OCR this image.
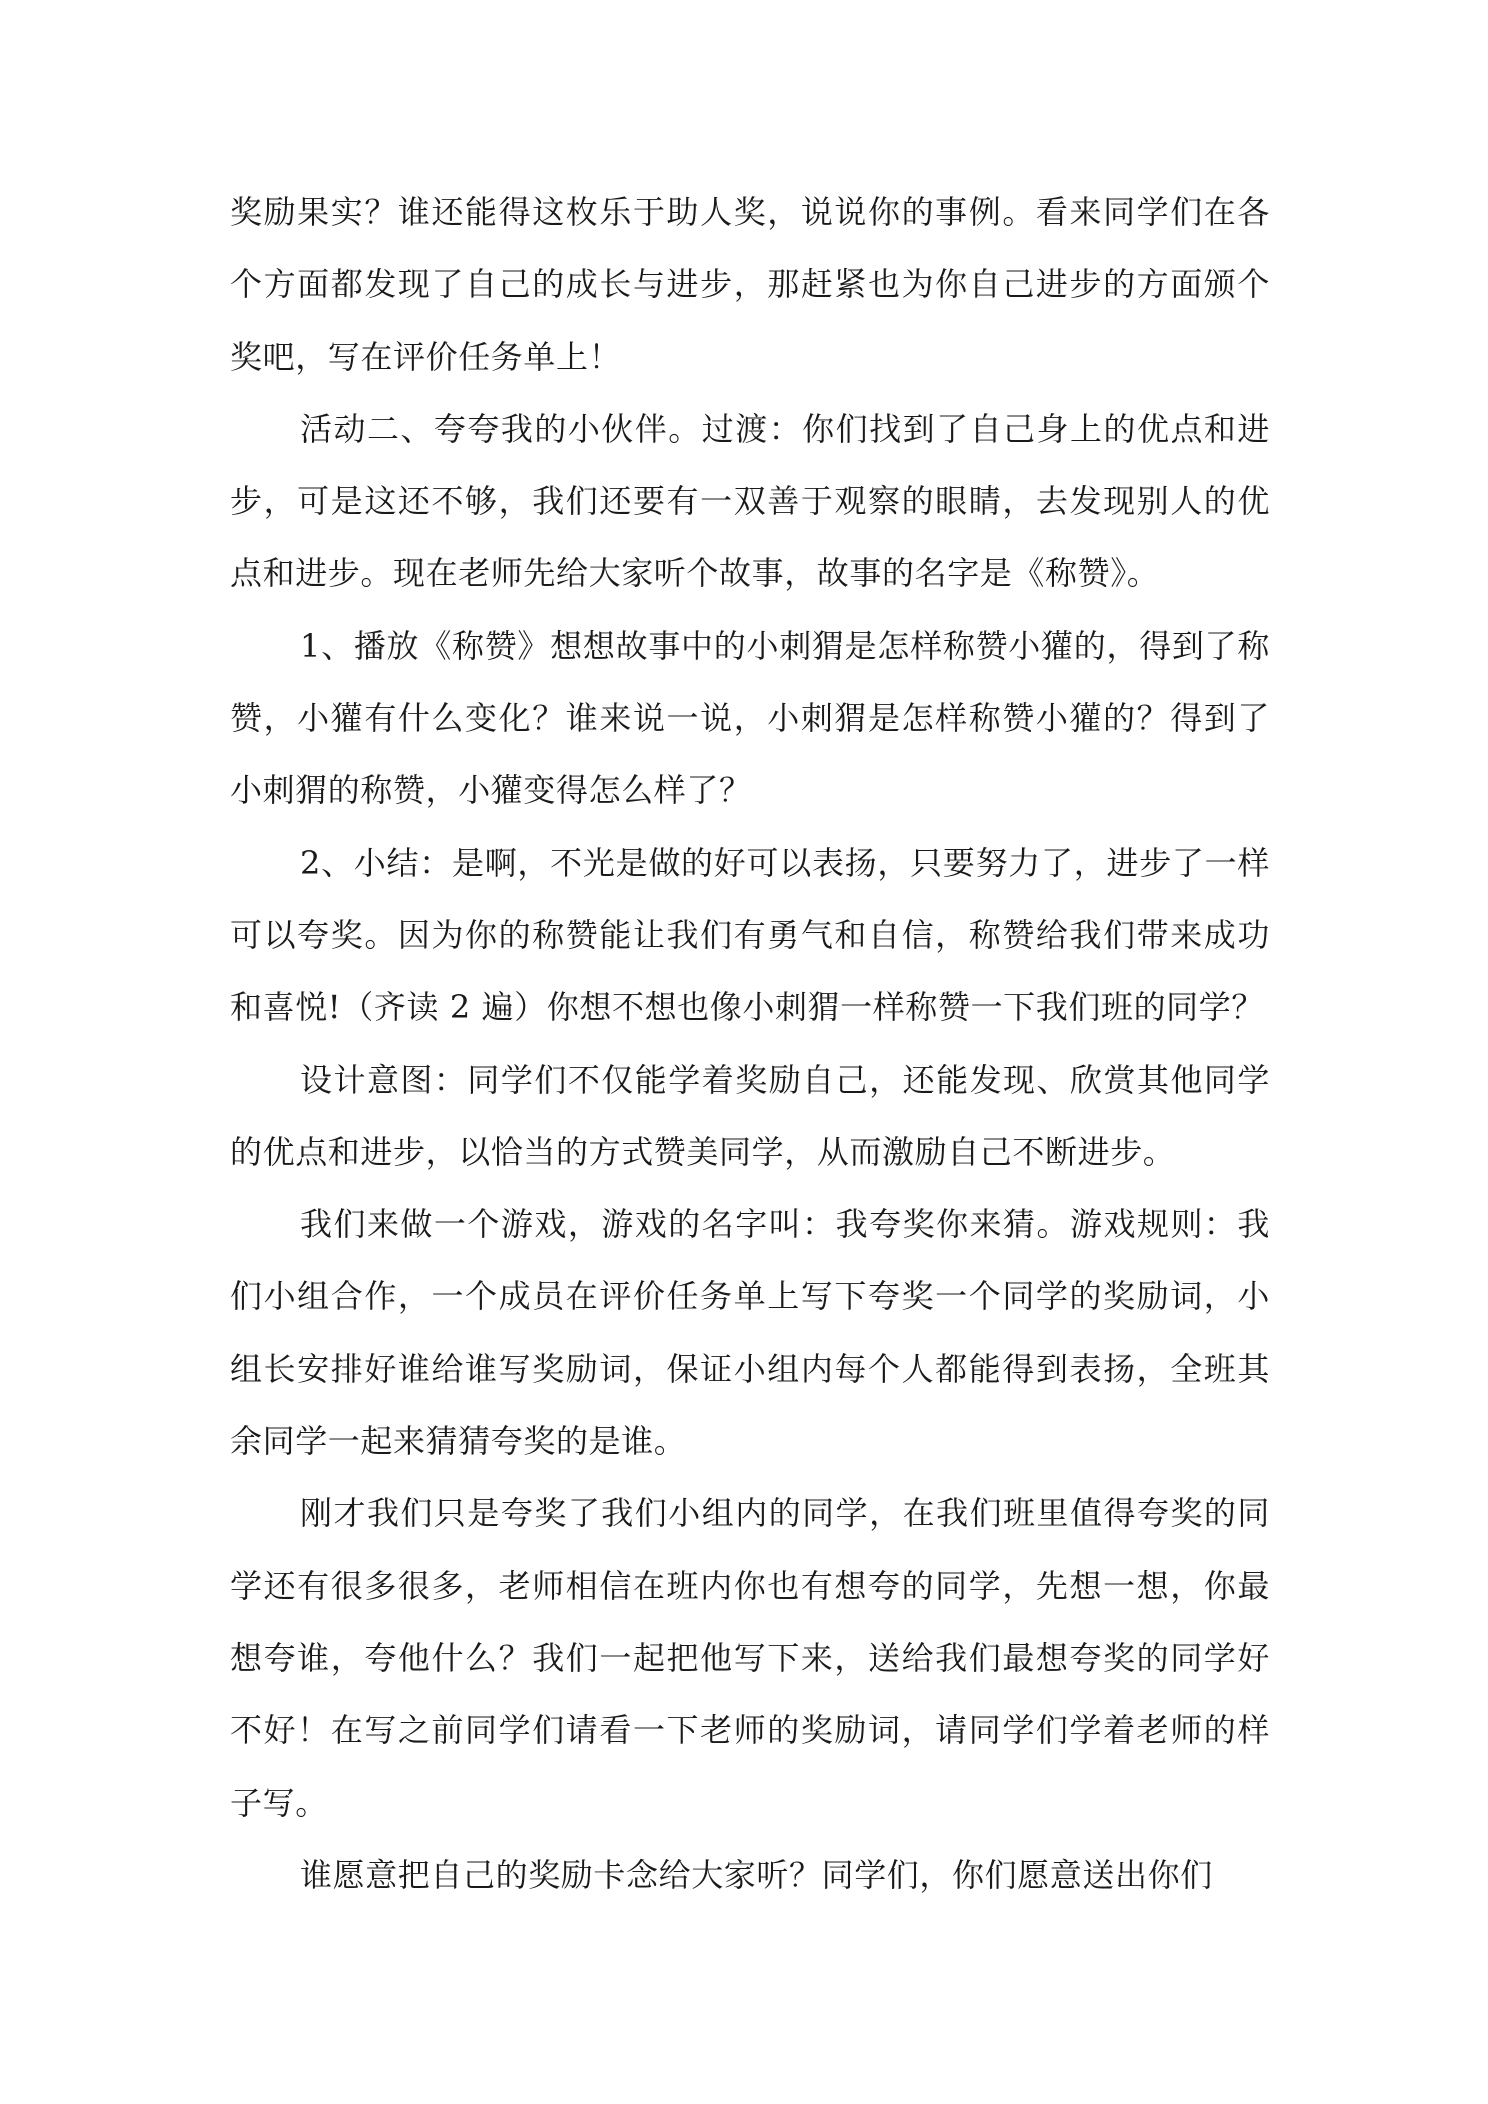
奖励果实？谁还能得这枚乐于助人奖，说说你的事例。看来同学们在各个方面都发现了自己的成长与进步，那赶紧也为你自己进步的方面颁个奖吧，写在评价任务单上！

活动二、夸夸我的小伙伴。过渡：你们找到了自己身上的优点和进步，可是这还不够，我们还要有一双善于观察的眼睛，去发现别人的优点和进步。现在老师先给大家听个故事，故事的名字是《称赞》。

1、播放《称赞》想想故事中的小刺猬是怎样称赞小獾的，得到了称赞，小獾有什么变化？谁来说一说，小刺猬是怎样称赞小獾的？得到了小刺猬的称赞，小獾变得怎么样了？

2、小结：是啊，不光是做的好可以表扬，只要努力了，进步了一样可以夸奖。因为你的称赞能让我们有勇气和自信，称赞给我们带来成功和喜悦!（齐读 2 遍）你想不想也像小刺猬一样称赞一下我们班的同学？

设计意图：同学们不仅能学着奖励自己，还能发现、欣赏其他同学的优点和进步，以恰当的方式赞美同学，从而激励自己不断进步。

我们来做一个游戏，游戏的名字叫：我夸奖你来猜。游戏规则：我们小组合作，一个成员在评价任务单上写下夸奖一个同学的奖励词，小组长安排好谁给谁写奖励词，保证小组内每个人都能得到表扬，全班其余同学一起来猜猜夸奖的是谁。

刚才我们只是夸奖了我们小组内的同学，在我们班里值得夸奖的同学还有很多很多，老师相信在班内你也有想夸的同学，先想一想，你最想夸谁，夸他什么？我们一起把他写下来，送给我们最想夸奖的同学好不好！在写之前同学们请看一下老师的奖励词，请同学们学着老师的样子写。

谁愿意把自己的奖励卡念给大家听？同学们，你们愿意送出你们
